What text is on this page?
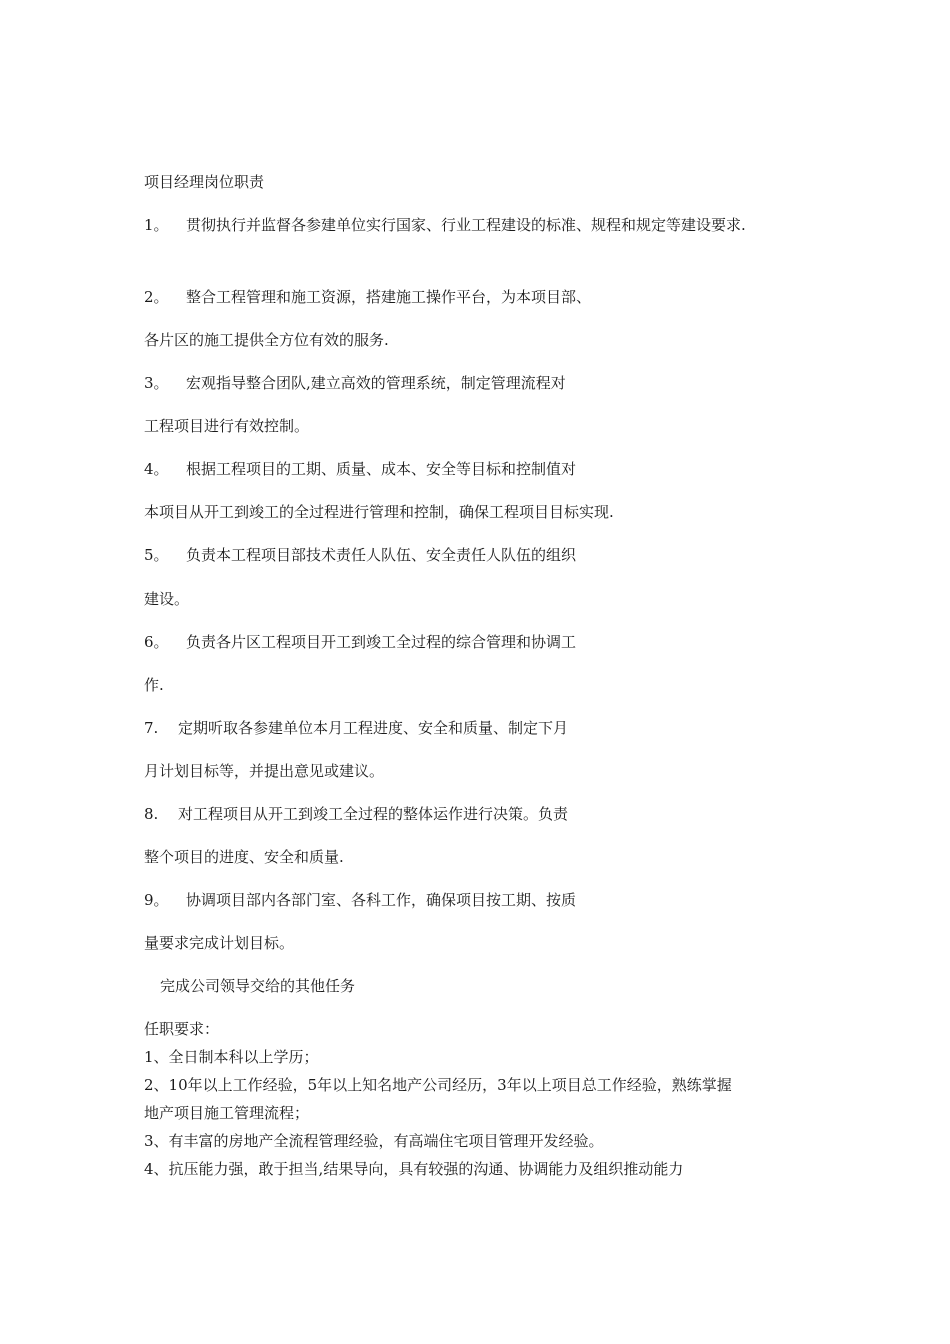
项目经理岗位职责
1。 贯彻执行并监督各参建单位实行国家、行业工程建设的标准、规程和规定等建设要求.
2。 整合工程管理和施工资源，搭建施工操作平台，为本项目部、
各片区的施工提供全方位有效的服务.
3。 宏观指导整合团队,建立高效的管理系统，制定管理流程对
工程项目进行有效控制。
4。 根据工程项目的工期、质量、成本、安全等目标和控制值对
本项目从开工到竣工的全过程进行管理和控制，确保工程项目目标实现.
5。 负责本工程项目部技术责任人队伍、安全责任人队伍的组织
建设。
6。 负责各片区工程项目开工到竣工全过程的综合管理和协调工
作.
7. 定期听取各参建单位本月工程进度、安全和质量、制定下月
月计划目标等，并提出意见或建议。
8. 对工程项目从开工到竣工全过程的整体运作进行决策。负责
整个项目的进度、安全和质量.
9。 协调项目部内各部门室、各科工作，确保项目按工期、按质
量要求完成计划目标。
完成公司领导交给的其他任务
任职要求：
1、全日制本科以上学历；
2、10年以上工作经验，5年以上知名地产公司经历，3年以上项目总工作经验，熟练掌握
地产项目施工管理流程；
3、有丰富的房地产全流程管理经验，有高端住宅项目管理开发经验。
4、抗压能力强，敢于担当,结果导向，具有较强的沟通、协调能力及组织推动能力
